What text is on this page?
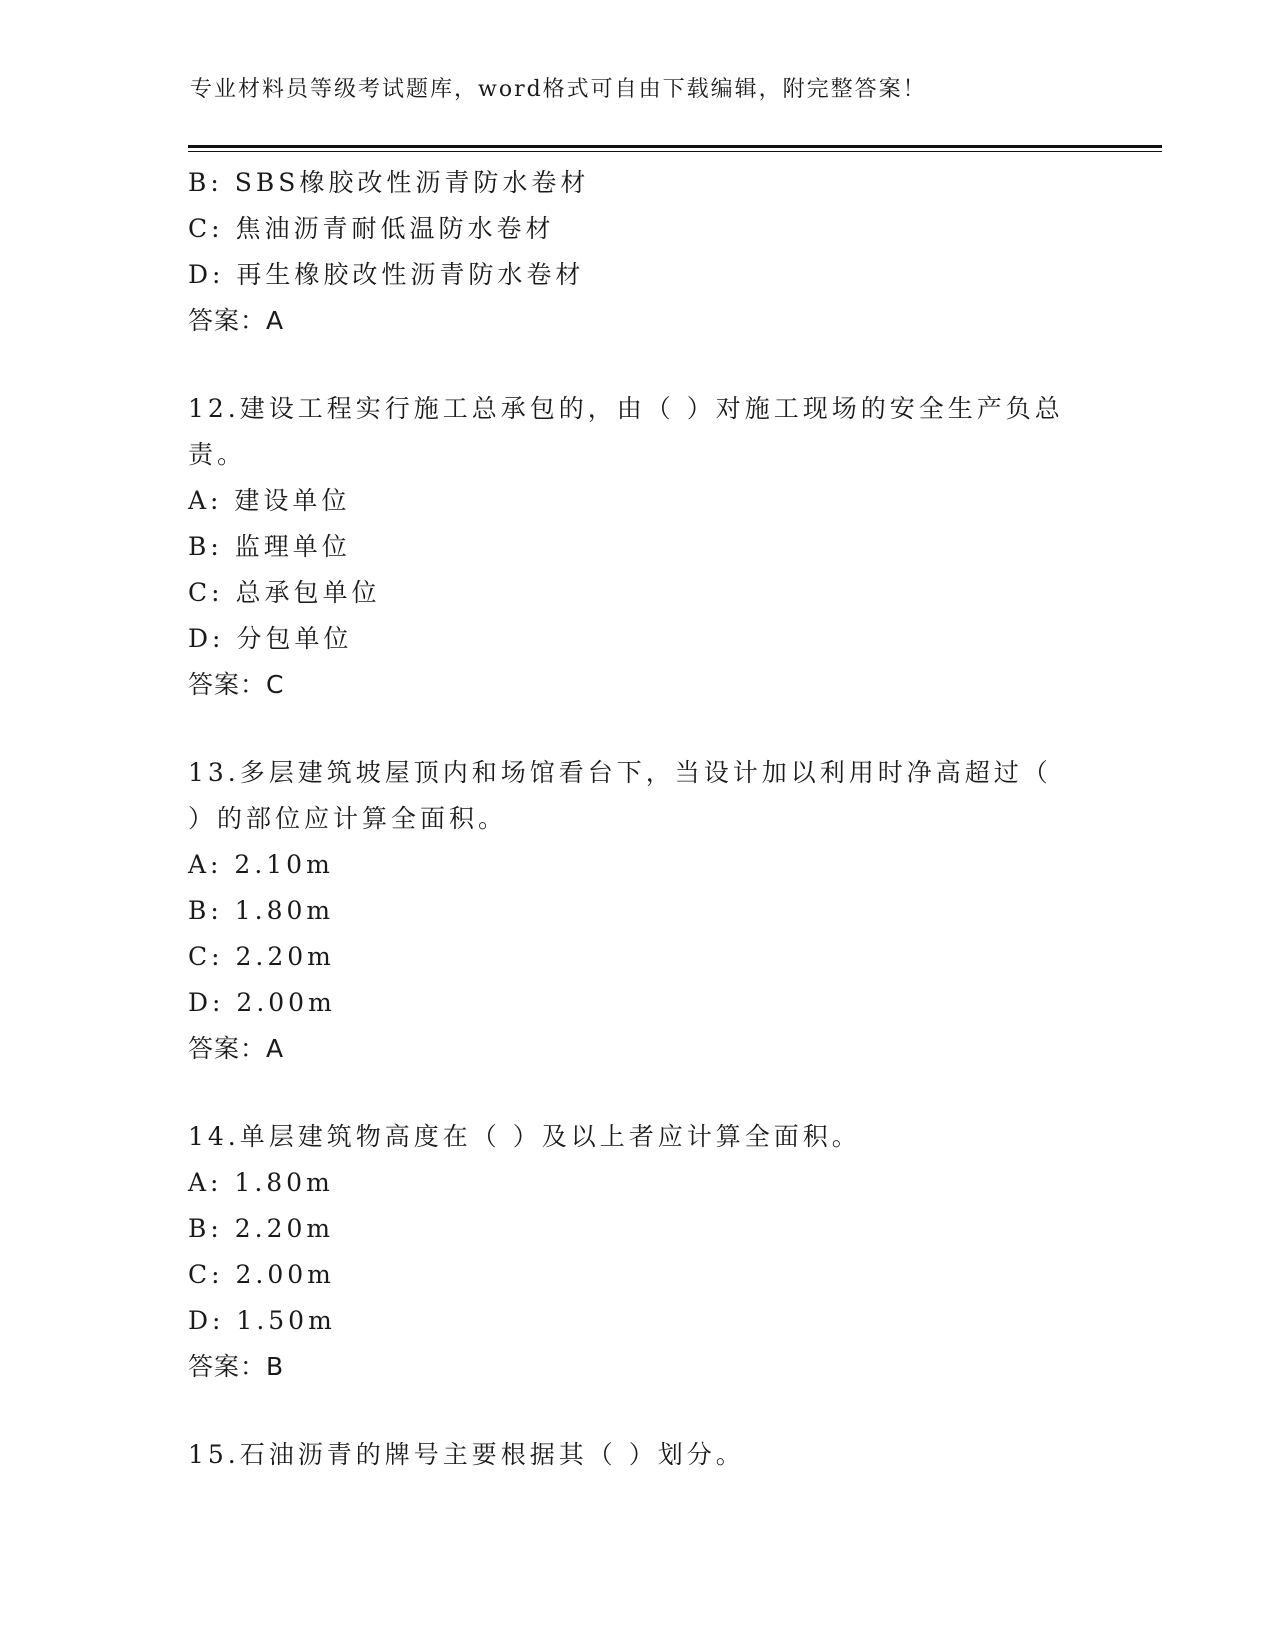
专业材料员等级考试题库，word格式可自由下载编辑，附完整答案！
B: SBS橡胶改性沥青防水卷材
C: 焦油沥青耐低温防水卷材
D: 再生橡胶改性沥青防水卷材
答案：A
12.建设工程实行施工总承包的，由（ ）对施工现场的安全生产负总
责。
A: 建设单位
B: 监理单位
C: 总承包单位
D: 分包单位
答案：C
13.多层建筑坡屋顶内和场馆看台下，当设计加以利用时净高超过（
）的部位应计算全面积。
A: 2.10m
B: 1.80m
C: 2.20m
D: 2.00m
答案：A
14.单层建筑物高度在（ ）及以上者应计算全面积。
A: 1.80m
B: 2.20m
C: 2.00m
D: 1.50m
答案：B
15.石油沥青的牌号主要根据其（ ）划分。
